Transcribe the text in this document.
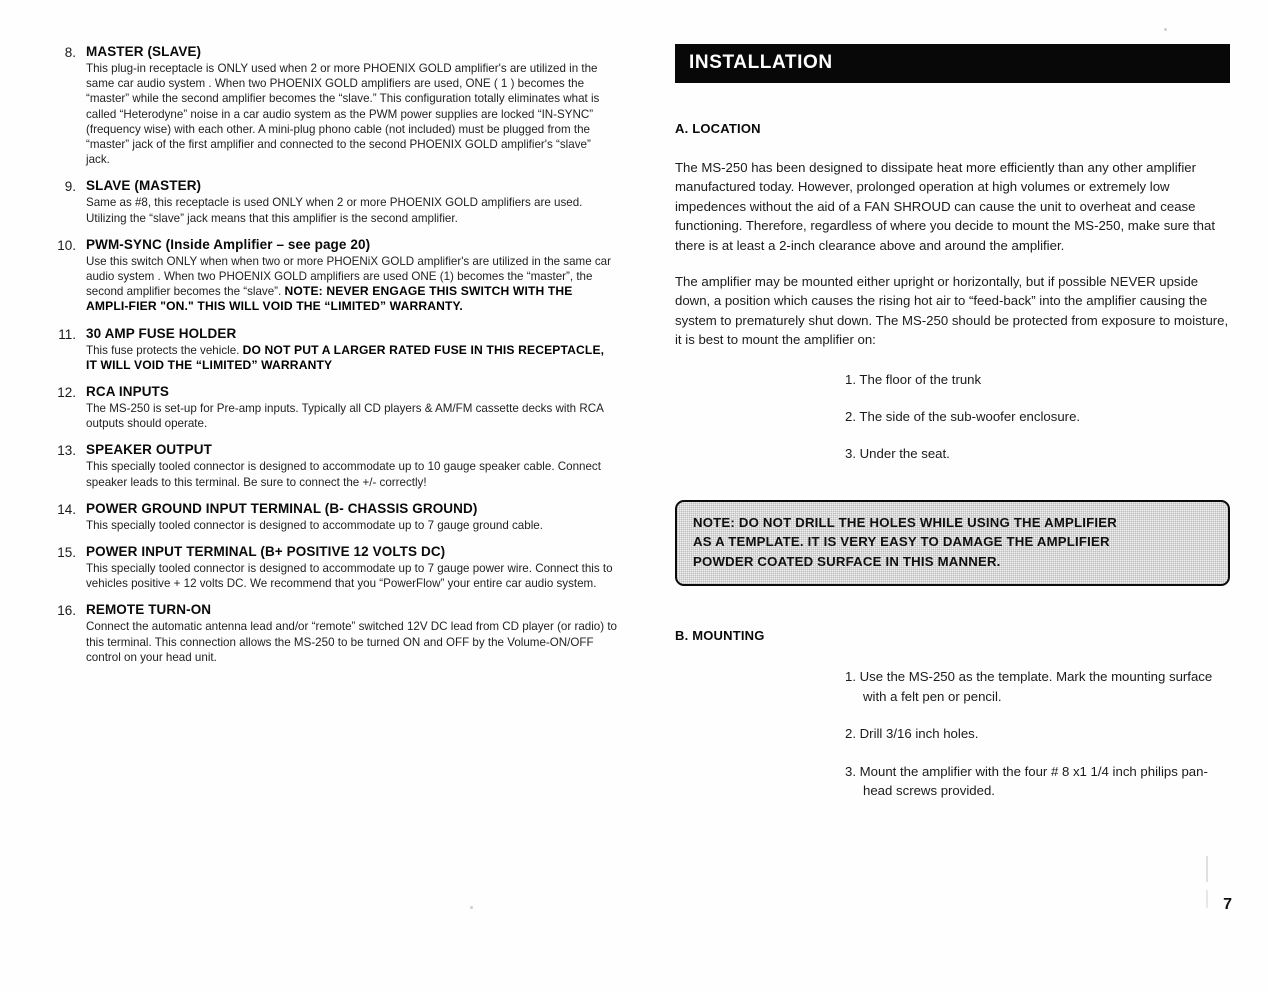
8. MASTER (SLAVE)
This plug-in receptacle is ONLY used when 2 or more PHOENIX GOLD amplifier's are utilized in the same car audio system . When two PHOENIX GOLD amplifiers are used, ONE ( 1 ) becomes the “master” while the second amplifier becomes the “slave.” This configuration totally eliminates what is called “Heterodyne” noise in a car audio system as the PWM power supplies are locked “IN-SYNC” (frequency wise) with each other. A mini-plug phono cable (not included) must be plugged from the “master” jack of the first amplifier and connected to the second PHOENIX GOLD amplifier's “slave” jack.
9. SLAVE (MASTER)
Same as #8, this receptacle is used ONLY when 2 or more PHOENIX GOLD amplifiers are used. Utilizing the “slave” jack means that this amplifier is the second amplifier.
10. PWM-SYNC (Inside Amplifier – see page 20)
Use this switch ONLY when when two or more PHOENiX GOLD amplifier's are utilized in the same car audio system . When two PHOENIX GOLD amplifiers are used ONE (1) becomes the “master”, the second amplifier becomes the “slave”. NOTE: NEVER ENGAGE THIS SWITCH WITH THE AMPLI-FIER "ON." THIS WILL VOID THE “LIMITED” WARRANTY.
11. 30 AMP FUSE HOLDER
This fuse protects the vehicle. DO NOT PUT A LARGER RATED FUSE IN THIS RECEPTACLE, IT WILL VOID THE “LIMITED” WARRANTY
12. RCA INPUTS
The MS-250 is set-up for Pre-amp inputs. Typically all CD players & AM/FM cassette decks with RCA outputs should operate.
13. SPEAKER OUTPUT
This specially tooled connector is designed to accommodate up to 10 gauge speaker cable. Connect speaker leads to this terminal. Be sure to connect the +/- correctly!
14. POWER GROUND INPUT TERMINAL (B- CHASSIS GROUND)
This specially tooled connector is designed to accommodate up to 7 gauge ground cable.
15. POWER INPUT TERMINAL (B+ POSITIVE 12 VOLTS DC)
This specially tooled connector is designed to accommodate up to 7 gauge power wire. Connect this to vehicles positive + 12 volts DC. We recommend that you “PowerFlow” your entire car audio system.
16. REMOTE TURN-ON
Connect the automatic antenna lead and/or “remote” switched 12V DC lead from CD player (or radio) to this terminal. This connection allows the MS-250 to be turned ON and OFF by the Volume-ON/OFF control on your head unit.
INSTALLATION
A. LOCATION
The MS-250 has been designed to dissipate heat more efficiently than any other amplifier manufactured today. However, prolonged operation at high volumes or extremely low impedences without the aid of a FAN SHROUD can cause the unit to overheat and cease functioning. Therefore, regardless of where you decide to mount the MS-250, make sure that there is at least a 2-inch clearance above and around the amplifier.
The amplifier may be mounted either upright or horizontally, but if possible NEVER upside down, a position which causes the rising hot air to “feed-back” into the amplifier causing the system to prematurely shut down. The MS-250 should be protected from exposure to moisture, it is best to mount the amplifier on:
1. The floor of the trunk
2. The side of the sub-woofer enclosure.
3. Under the seat.

NOTE: DO NOT DRILL THE HOLES WHILE USING THE AMPLIFIER

AS A TEMPLATE. IT IS VERY EASY TO DAMAGE THE AMPLIFIER

POWDER COATED SURFACE IN THIS MANNER.

B. MOUNTING
1. Use the MS-250 as the template. Mark the mounting surface with a felt pen or pencil.
2. Drill 3/16 inch holes.
3. Mount the amplifier with the four # 8 x1 1/4 inch philips pan-head screws provided.
7
